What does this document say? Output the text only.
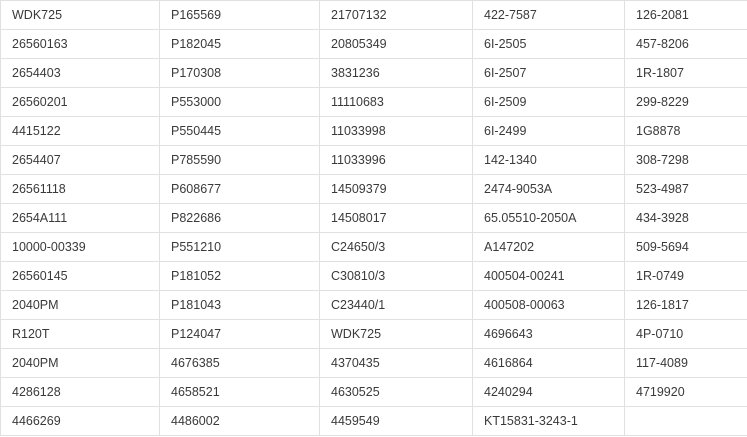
WDK725	P165569	21707132	422-7587	126-2081
26560163	P182045	20805349	6I-2505	457-8206
2654403	P170308	3831236	6I-2507	1R-1807
26560201	P553000	11110683	6I-2509	299-8229
4415122	P550445	11033998	6I-2499	1G8878
2654407	P785590	11033996	142-1340	308-7298
26561118	P608677	14509379	2474-9053A	523-4987
2654A111	P822686	14508017	65.05510-2050A	434-3928
10000-00339	P551210	C24650/3	A147202	509-5694
26560145	P181052	C30810/3	400504-00241	1R-0749
2040PM	P181043	C23440/1	400508-00063	126-1817
R120T	P124047	WDK725	4696643	4P-0710
2040PM	4676385	4370435	4616864	117-4089
4286128	4658521	4630525	4240294	4719920
4466269	4486002	4459549	KT15831-3243-1	
